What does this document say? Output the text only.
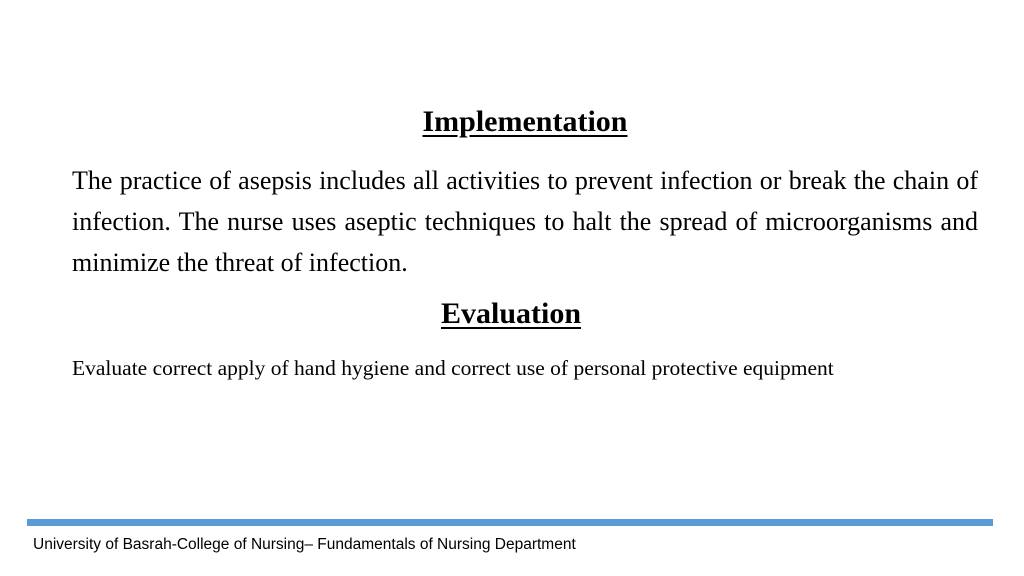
Implementation

The practice of asepsis includes all activities to prevent infection or break the chain of infection. The nurse uses aseptic techniques to halt the spread of microorganisms and minimize the threat of infection.

Evaluation

Evaluate correct apply of hand hygiene and correct use of personal protective equipment

University of Basrah-College of Nursing– Fundamentals of Nursing Department
